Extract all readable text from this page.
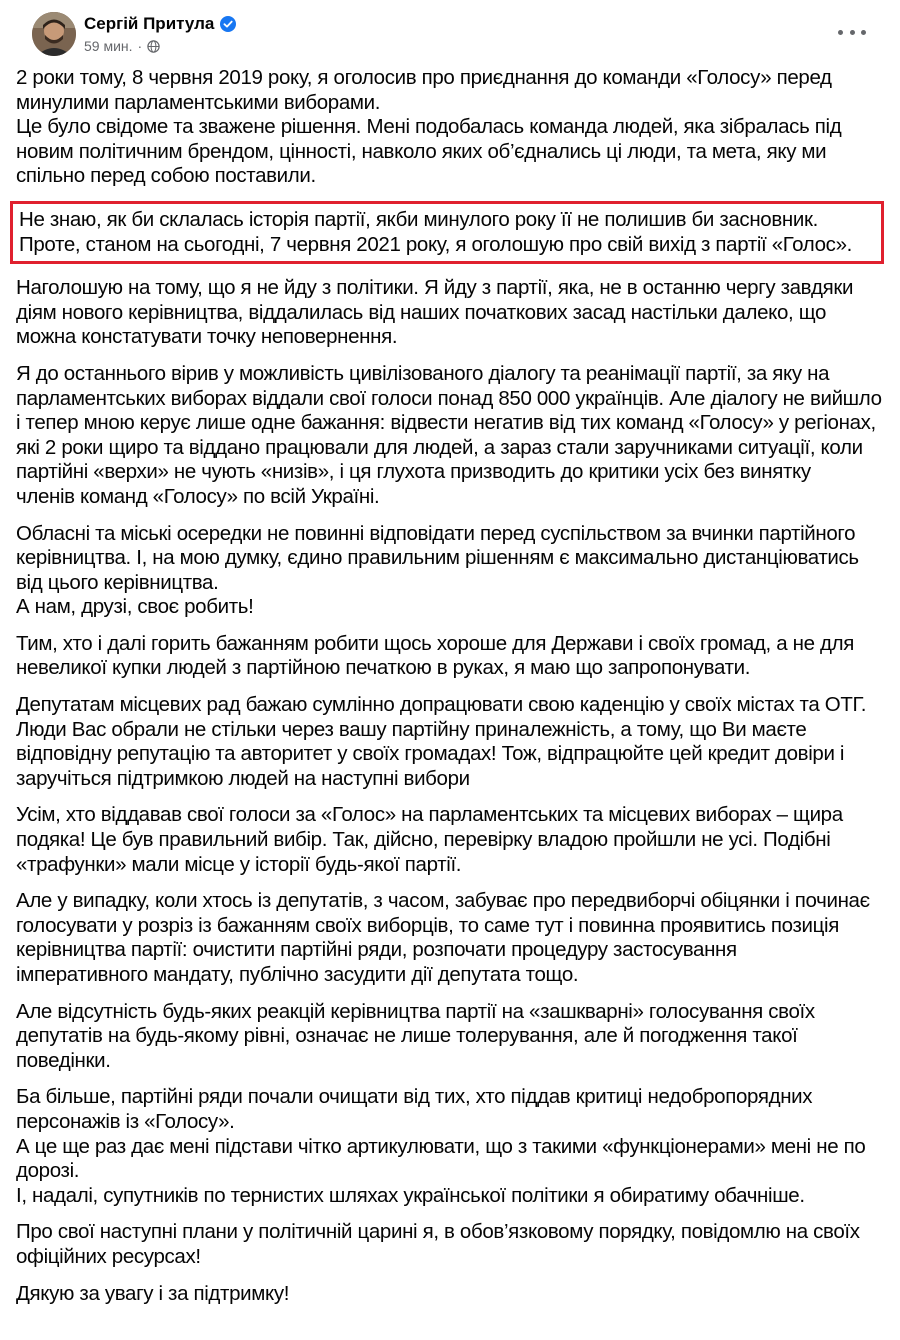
Сергій Притула
59 мин. ·
2 роки тому, 8 червня 2019 року, я оголосив про приєднання до команди «Голосу» перед
минулими парламентськими виборами.
Це було свідоме та зважене рішення. Мені подобалась команда людей, яка зібралась під
новим політичним брендом, цінності, навколо яких об’єднались ці люди, та мета, яку ми
спільно перед собою поставили.
Не знаю, як би склалась історія партії, якби минулого року її не полишив би засновник.
Проте, станом на сьогодні, 7 червня 2021 року, я оголошую про свій вихід з партії «Голос».
Наголошую на тому, що я не йду з політики. Я йду з партії, яка, не в останню чергу завдяки
діям нового керівництва, віддалилась від наших початкових засад настільки далеко, що
можна констатувати точку неповернення.
Я до останнього вірив у можливість цивілізованого діалогу та реанімації партії, за яку на
парламентських виборах віддали свої голоси понад 850 000 українців. Але діалогу не вийшло
і тепер мною керує лише одне бажання: відвести негатив від тих команд «Голосу» у регіонах,
які 2 роки щиро та віддано працювали для людей, а зараз стали заручниками ситуації, коли
партійні «верхи» не чують «низів», і ця глухота призводить до критики усіх без винятку
членів команд «Голосу» по всій Україні.
Обласні та міські осередки не повинні відповідати перед суспільством за вчинки партійного
керівництва. І, на мою думку, єдино правильним рішенням є максимально дистанціюватись
від цього керівництва.
А нам, друзі, своє робить!
Тим, хто і далі горить бажанням робити щось хороше для Держави і своїх громад, а не для
невеликої купки людей з партійною печаткою в руках, я маю що запропонувати.
Депутатам місцевих рад бажаю сумлінно допрацювати свою каденцію у своїх містах та ОТГ.
Люди Вас обрали не стільки через вашу партійну приналежність, а тому, що Ви маєте
відповідну репутацію та авторитет у своїх громадах! Тож, відпрацюйте цей кредит довіри і
заручіться підтримкою людей на наступні вибори
Усім, хто віддавав свої голоси за «Голос» на парламентських та місцевих виборах – щира
подяка! Це був правильний вибір. Так, дійсно, перевірку владою пройшли не усі. Подібні
«трафунки» мали місце у історії будь-якої партії.
Але у випадку, коли хтось із депутатів, з часом, забуває про передвиборчі обіцянки і починає
голосувати у розріз із бажанням своїх виборців, то саме тут і повинна проявитись позиція
керівництва партії: очистити партійні ряди, розпочати процедуру застосування
імперативного мандату, публічно засудити дії депутата тощо.
Але відсутність будь-яких реакцій керівництва партії на «зашкварні» голосування своїх
депутатів на будь-якому рівні, означає не лише толерування, але й погодження такої
поведінки.
Ба більше, партійні ряди почали очищати від тих, хто піддав критиці недобропорядних
персонажів із «Голосу».
А це ще раз дає мені підстави чітко артикулювати, що з такими «функціонерами» мені не по
дорозі.
І, надалі, супутників по тернистих шляхах української політики я обиратиму обачніше.
Про свої наступні плани у політичній царині я, в обов’язковому порядку, повідомлю на своїх
офіційних ресурсах!
Дякую за увагу і за підтримку!
